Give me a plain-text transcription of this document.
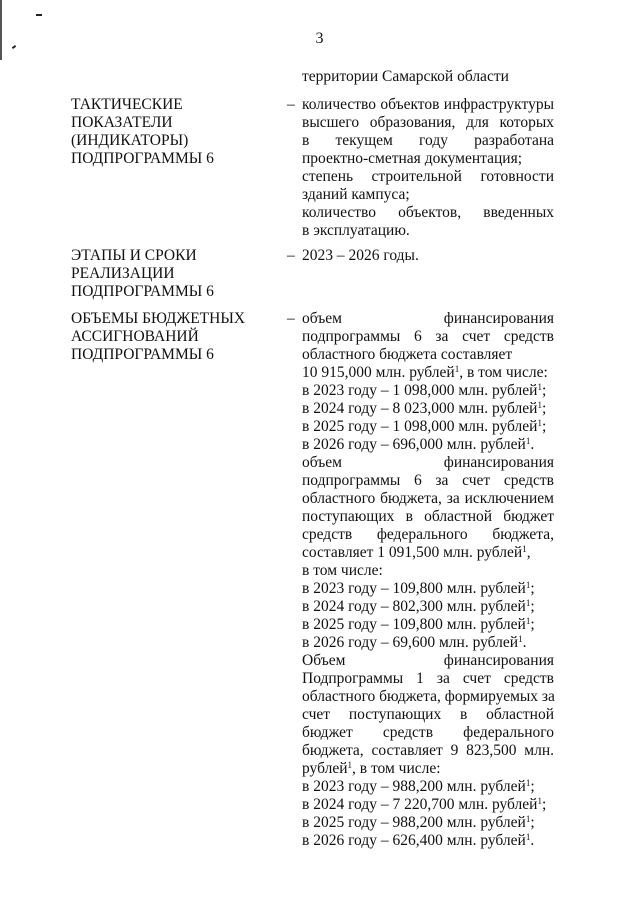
3
территории Самарской области
ТАКТИЧЕСКИЕ
ПОКАЗАТЕЛИ
(ИНДИКАТОРЫ)
ПОДПРОГРАММЫ 6
– количество объектов инфраструктуры
высшего образования, для которых
в текущем году разработана
проектно-сметная документация;
степень строительной готовности
зданий кампуса;
количество объектов, введенных
в эксплуатацию.
ЭТАПЫ И СРОКИ
РЕАЛИЗАЦИИ
ПОДПРОГРАММЫ 6
– 2023 – 2026 годы.
ОБЪЕМЫ БЮДЖЕТНЫХ
АССИГНОВАНИЙ
ПОДПРОГРАММЫ 6
– объем финансирования
подпрограммы 6 за счет средств
областного бюджета составляет
10 915,000 млн. рублей$^1$, в том числе:
в 2023 году – 1 098,000 млн. рублей$^1$;
в 2024 году – 8 023,000 млн. рублей$^1$;
в 2025 году – 1 098,000 млн. рублей$^1$;
в 2026 году – 696,000 млн. рублей$^1$.
объем финансирования
подпрограммы 6 за счет средств
областного бюджета, за исключением
поступающих в областной бюджет
средств федерального бюджета,
составляет 1 091,500 млн. рублей$^1$,
в том числе:
в 2023 году – 109,800 млн. рублей$^1$;
в 2024 году – 802,300 млн. рублей$^1$;
в 2025 году – 109,800 млн. рублей$^1$;
в 2026 году – 69,600 млн. рублей$^1$.
Объем финансирования
Подпрограммы 1 за счет средств
областного бюджета, формируемых за
счет поступающих в областной
бюджет средств федерального
бюджета, составляет 9 823,500 млн.
рублей$^1$, в том числе:
в 2023 году – 988,200 млн. рублей$^1$;
в 2024 году – 7 220,700 млн. рублей$^1$;
в 2025 году – 988,200 млн. рублей$^1$;
в 2026 году – 626,400 млн. рублей$^1$.
